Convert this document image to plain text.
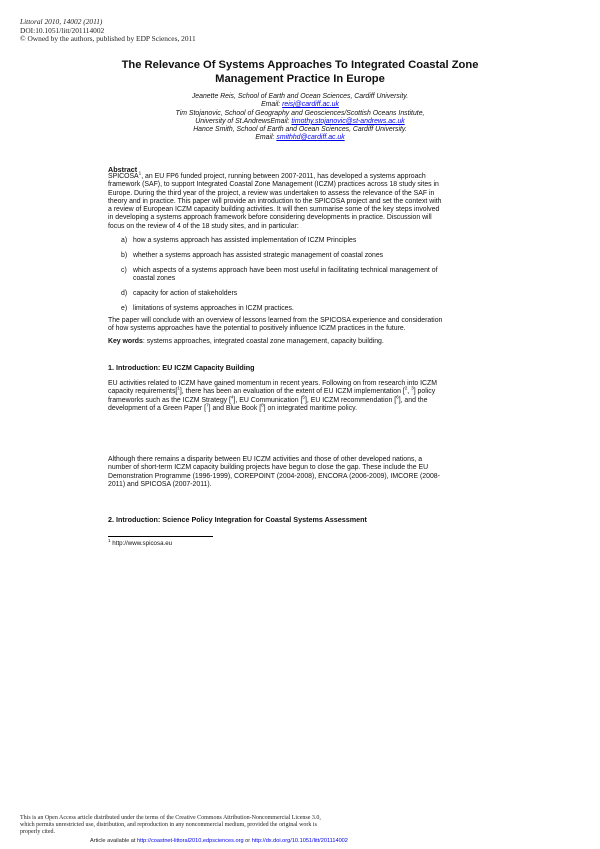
Littoral 2010, 14002 (2011)
DOI:10.1051/litt/201114002
© Owned by the authors, published by EDP Sciences, 2011
The Relevance Of Systems Approaches To Integrated Coastal Zone
Management Practice In Europe
Jeanette Reis, School of Earth and Ocean Sciences, Cardiff University.
Email: reisj@cardiff.ac.uk
Tim Stojanovic, School of Geography and Geosciences/Scottish Oceans Institute,
University of St.AndrewsEmail: timothy.stojanovic@st-andrews.ac.uk
Hance Smith, School of Earth and Ocean Sciences, Cardiff University.
Email: smithhd@cardiff.ac.uk
Abstract
SPICOSA$^1$, an EU FP6 funded project, running between 2007-2011, has developed a systems approach
framework (SAF), to support Integrated Coastal Zone Management (ICZM) practices across 18 study sites in
Europe. During the third year of the project, a review was undertaken to assess the relevance of the SAF in
theory and in practice. This paper will provide an introduction to the SPICOSA project and set the context with
a review of European ICZM capacity building activities. It will then summarise some of the key steps involved
in developing a systems approach framework before considering developments in practice. Discussion will
focus on the review of 4 of the 18 study sites, and in particular:
a) how a systems approach has assisted implementation of ICZM Principles
b) whether a systems approach has assisted strategic management of coastal zones
c) which aspects of a systems approach have been most useful in facilitating technical management of
coastal zones
d) capacity for action of stakeholders
e) limitations of systems approaches in ICZM practices.
The paper will conclude with an overview of lessons learned from the SPICOSA experience and consideration
of how systems approaches have the potential to positively influence ICZM practices in the future.
Key words: systems approaches, integrated coastal zone management, capacity building.
1. Introduction: EU ICZM Capacity Building
EU activities related to ICZM have gained momentum in recent years. Following on from research into ICZM
capacity requirements[$^1$], there has been an evaluation of the extent of EU ICZM implementation [$^2$, $^3$] policy
frameworks such as the ICZM Strategy [$^4$], EU Communication [$^5$], EU ICZM recommendation [$^6$], and the
development of a Green Paper [$^7$] and Blue Book [$^8$] on integrated maritime policy.
Although there remains a disparity between EU ICZM activities and those of other developed nations, a
number of short-term ICZM capacity building projects have begun to close the gap. These include the EU
Demonstration Programme (1996-1999), COREPOINT (2004-2008), ENCORA (2006-2009), IMCORE (2008-
2011) and SPICOSA (2007-2011).
2. Introduction: Science Policy Integration for Coastal Systems Assessment
$^1$ http://www.spicosa.eu
This is an Open Access article distributed under the terms of the Creative Commons Attribution-Noncommercial License 3.0,
which permits unrestricted use, distribution, and reproduction in any noncommercial medium, provided the original work is
properly cited.
Article available at http://coastnet-littoral2010.edpsciences.org or http://dx.doi.org/10.1051/litt/201114002
